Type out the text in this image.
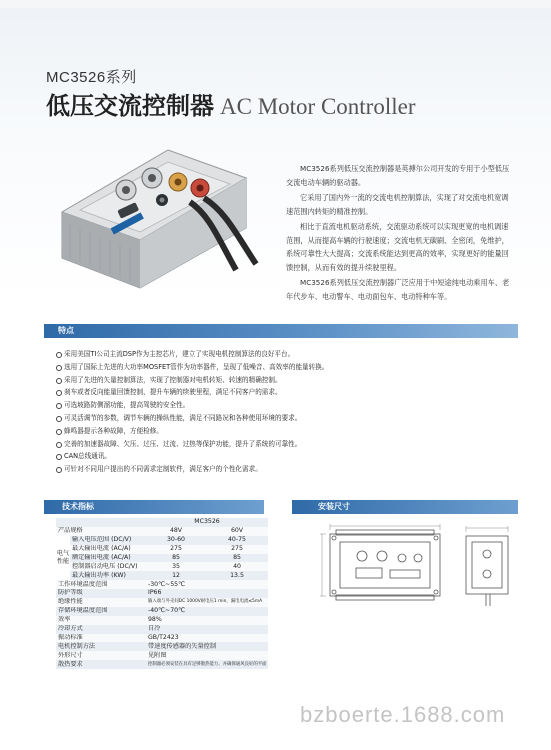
MC3526系列
低压交流控制器 AC Motor Controller

MC3526系列低压交流控制器是英搏尔公司开发的专用于小型低压交流电动车辆的驱动器。

它采用了国内外一流的交流电机控制算法，实现了对交流电机宽调速范围内转矩的精准控制。

相比于直流电机驱动系统，交流驱动系统可以实现更宽的电机调速范围，从而提高车辆的行驶速度；交流电机无碳刷、全密闭，免维护，系统可靠性大大提高；交流系统能达到更高的效率，实现更好的能量回馈控制，从而有效的提升续驶里程。

MC3526系列低压交流控制器广泛应用于中短途纯电动乘用车、老年代步车、电动警车、电动面包车、电动特种车等。

特点
采用美国TI公司主流DSP作为主控芯片，建立了实现电机控制算法的良好平台。
选用了国际上先进的大功率MOSFET管作为功率器件，呈现了低噪音、高效率的能量转换。
采用了先进的矢量控制算法，实现了控制器对电机转矩、转速的精确控制。
刹车或者反向能量回馈控制，提升车辆的续驶里程，满足不同客户的需求。
可选坡路防侧溜功能，提高驾驶的安全性。
可灵活调节的参数，调节车辆的操纵性能，满足不同路况和各种使用环境的要求。
蜂鸣器提示各种故障，方便检修。
完善的加速器故障、欠压、过压、过流、过热等保护功能，提升了系统的可靠性。
CAN总线通讯。
可针对不同用户提出的不同需求定制软件，满足客户的个性化需求。
技术指标
		MC3526	
产品规格		48V	60V
电气性能	输入电压范围 (DC/V)	30-60	40-75
	最大输出电流 (AC/A)	275	275
	额定输出电流 (AC/A)	85	85
	控制器启动电压 (DC/V)	35	40
	最大输出功率 (KW)	12	13.5
工作环境温度范围		-30℃~55℃	
防护等级		IP66	
绝缘性能		输入端与外壳间DC 1000V耐电压1 min，漏电电流≤5mA	
存储环境温度范围		-40℃~70℃	
效率		98%	
冷却方式		自冷	
振动标准		GB/T2423	
电机控制方法		带速度传感器的矢量控制	
外形尺寸		见附图	
散热要求		控制器必须安装在具有足够散热能力、并确保通风良好的平面	
安装尺寸
bzboerte.1688.com
